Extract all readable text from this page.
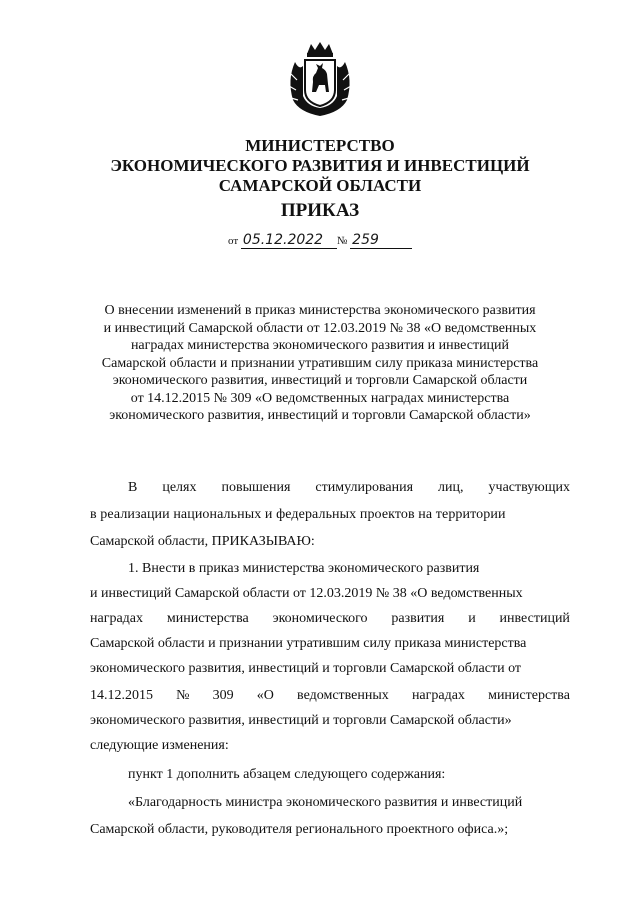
МИНИСТЕРСТВО
ЭКОНОМИЧЕСКОГО РАЗВИТИЯ И ИНВЕСТИЦИЙ
САМАРСКОЙ ОБЛАСТИ
ПРИКАЗ
от 05.12.2022 № 259
О внесении изменений в приказ министерства экономического развития
и инвестиций Самарской области от 12.03.2019 № 38 «О ведомственных
наградах министерства экономического развития и инвестиций
Самарской области и признании утратившим силу приказа министерства
экономического развития, инвестиций и торговли Самарской области
от 14.12.2015 № 309 «О ведомственных наградах министерства
экономического развития, инвестиций и торговли Самарской области»
В целях повышения стимулирования лиц, участвующих
в реализации национальных и федеральных проектов на территории
Самарской области, ПРИКАЗЫВАЮ:
1. Внести в приказ министерства экономического развития
и инвестиций Самарской области от 12.03.2019 № 38 «О ведомственных
наградах министерства экономического развития и инвестиций
Самарской области и признании утратившим силу приказа министерства
экономического развития, инвестиций и торговли Самарской области от
14.12.2015 № 309 «О ведомственных наградах министерства
экономического развития, инвестиций и торговли Самарской области»
следующие изменения:
пункт 1 дополнить абзацем следующего содержания:
«Благодарность министра экономического развития и инвестиций
Самарской области, руководителя регионального проектного офиса.»;
